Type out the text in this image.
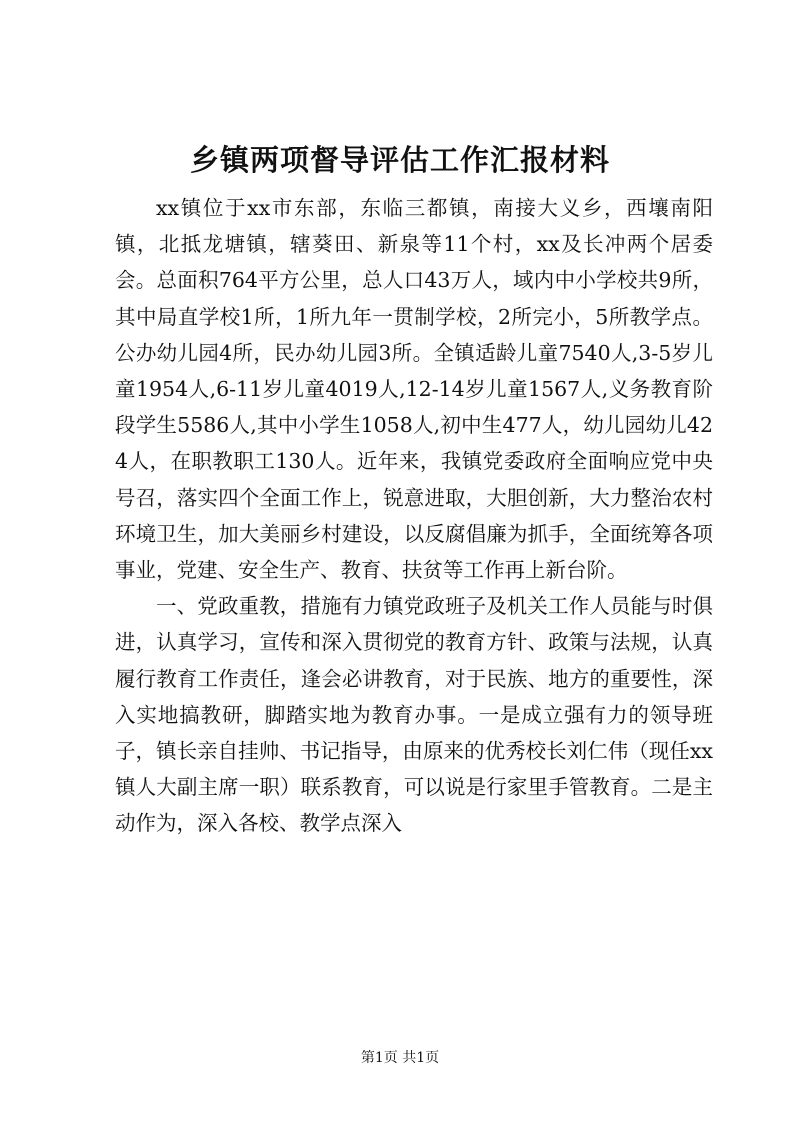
乡镇两项督导评估工作汇报材料

xx镇位于xx市东部，东临三都镇，南接大义乡，西壤南阳镇，北抵龙塘镇，辖葵田、新泉等11个村，xx及长冲两个居委会。总面积764平方公里，总人口43万人，域内中小学校共9所，其中局直学校1所，1所九年一贯制学校，2所完小，5所教学点。公办幼儿园4所，民办幼儿园3所。全镇适龄儿童7540人,3-5岁儿童1954人,6-11岁儿童4019人,12-14岁儿童1567人,义务教育阶段学生5586人,其中小学生1058人,初中生477人，幼儿园幼儿424人，在职教职工130人。近年来，我镇党委政府全面响应党中央号召，落实四个全面工作上，锐意进取，大胆创新，大力整治农村环境卫生，加大美丽乡村建设，以反腐倡廉为抓手，全面统筹各项事业，党建、安全生产、教育、扶贫等工作再上新台阶。

一、党政重教，措施有力镇党政班子及机关工作人员能与时俱进，认真学习，宣传和深入贯彻党的教育方针、政策与法规，认真履行教育工作责任，逢会必讲教育，对于民族、地方的重要性，深入实地搞教研，脚踏实地为教育办事。一是成立强有力的领导班子，镇长亲自挂帅、书记指导，由原来的优秀校长刘仁伟（现任xx镇人大副主席一职）联系教育，可以说是行家里手管教育。二是主动作为，深入各校、教学点深入

第1页 共1页
